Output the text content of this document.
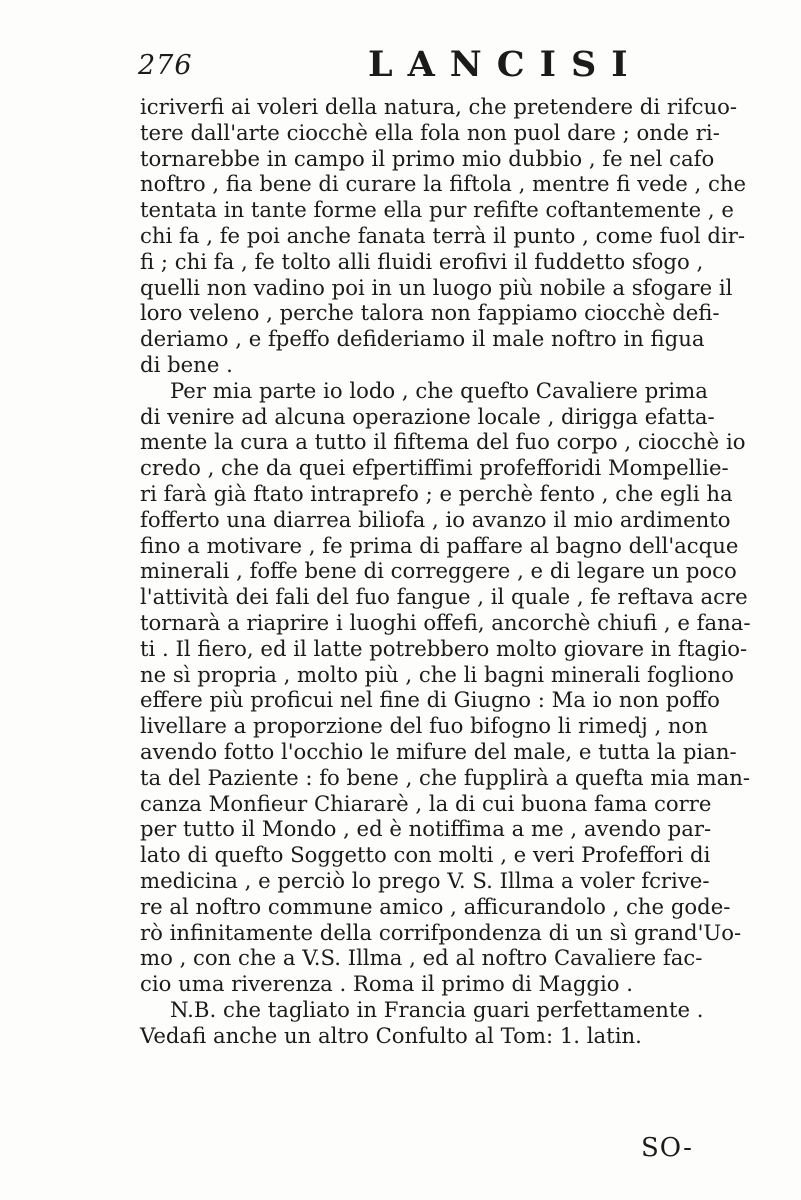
276	LANCISI
icriverfi ai voleri della natura, che pretendere di rifcuo-
tere dall'arte ciocchè ella fola non puol dare ; onde ri-
tornarebbe in campo il primo mio dubbio , fe nel cafo
noftro , fia bene di curare la fiftola , mentre fi vede , che
tentata in tante forme ella pur refifte coftantemente , e
chi fa , fe poi anche fanata terrà il punto , come fuol dir-
fi ; chi fa , fe tolto alli fluidi erofivi il fuddetto sfogo ,
quelli non vadino poi in un luogo più nobile a sfogare il
loro veleno , perche talora non fappiamo ciocchè defi-
deriamo , e fpeffo defideriamo il male noftro in figua
di bene .
Per mia parte io lodo , che quefto Cavaliere prima
di venire ad alcuna operazione locale , dirigga efatta-
mente la cura a tutto il fiftema del fuo corpo , ciocchè io
credo , che da quei efpertiffimi profefforidi Mompellie-
ri farà già ftato intraprefo ; e perchè fento , che egli ha
fofferto una diarrea biliofa , io avanzo il mio ardimento
fino a motivare , fe prima di paffare al bagno dell'acque
minerali , foffe bene di correggere , e di legare un poco
l'attività dei fali del fuo fangue , il quale , fe reftava acre
tornarà a riaprire i luoghi offefi, ancorchè chiufi , e fana-
ti . Il fiero, ed il latte potrebbero molto giovare in ftagio-
ne sì propria , molto più , che li bagni minerali fogliono
effere più proficui nel fine di Giugno : Ma io non poffo
livellare a proporzione del fuo bifogno li rimedj , non
avendo fotto l'occhio le mifure del male, e tutta la pian-
ta del Paziente : fo bene , che fupplirà a quefta mia man-
canza Monfieur Chiararè , la di cui buona fama corre
per tutto il Mondo , ed è notiffima a me , avendo par-
lato di quefto Soggetto con molti , e veri Profeffori di
medicina , e perciò lo prego V. S. Illma a voler fcrive-
re al noftro commune amico , afficurandolo , che gode-
rò infinitamente della corrifpondenza di un sì grand'Uo-
mo , con che a V.S. Illma , ed al noftro Cavaliere fac-
cio uma riverenza . Roma il primo di Maggio .
N.B. che tagliato in Francia guari perfettamente .
Vedafi anche un altro Confulto al Tom: 1. latin.
SO-
